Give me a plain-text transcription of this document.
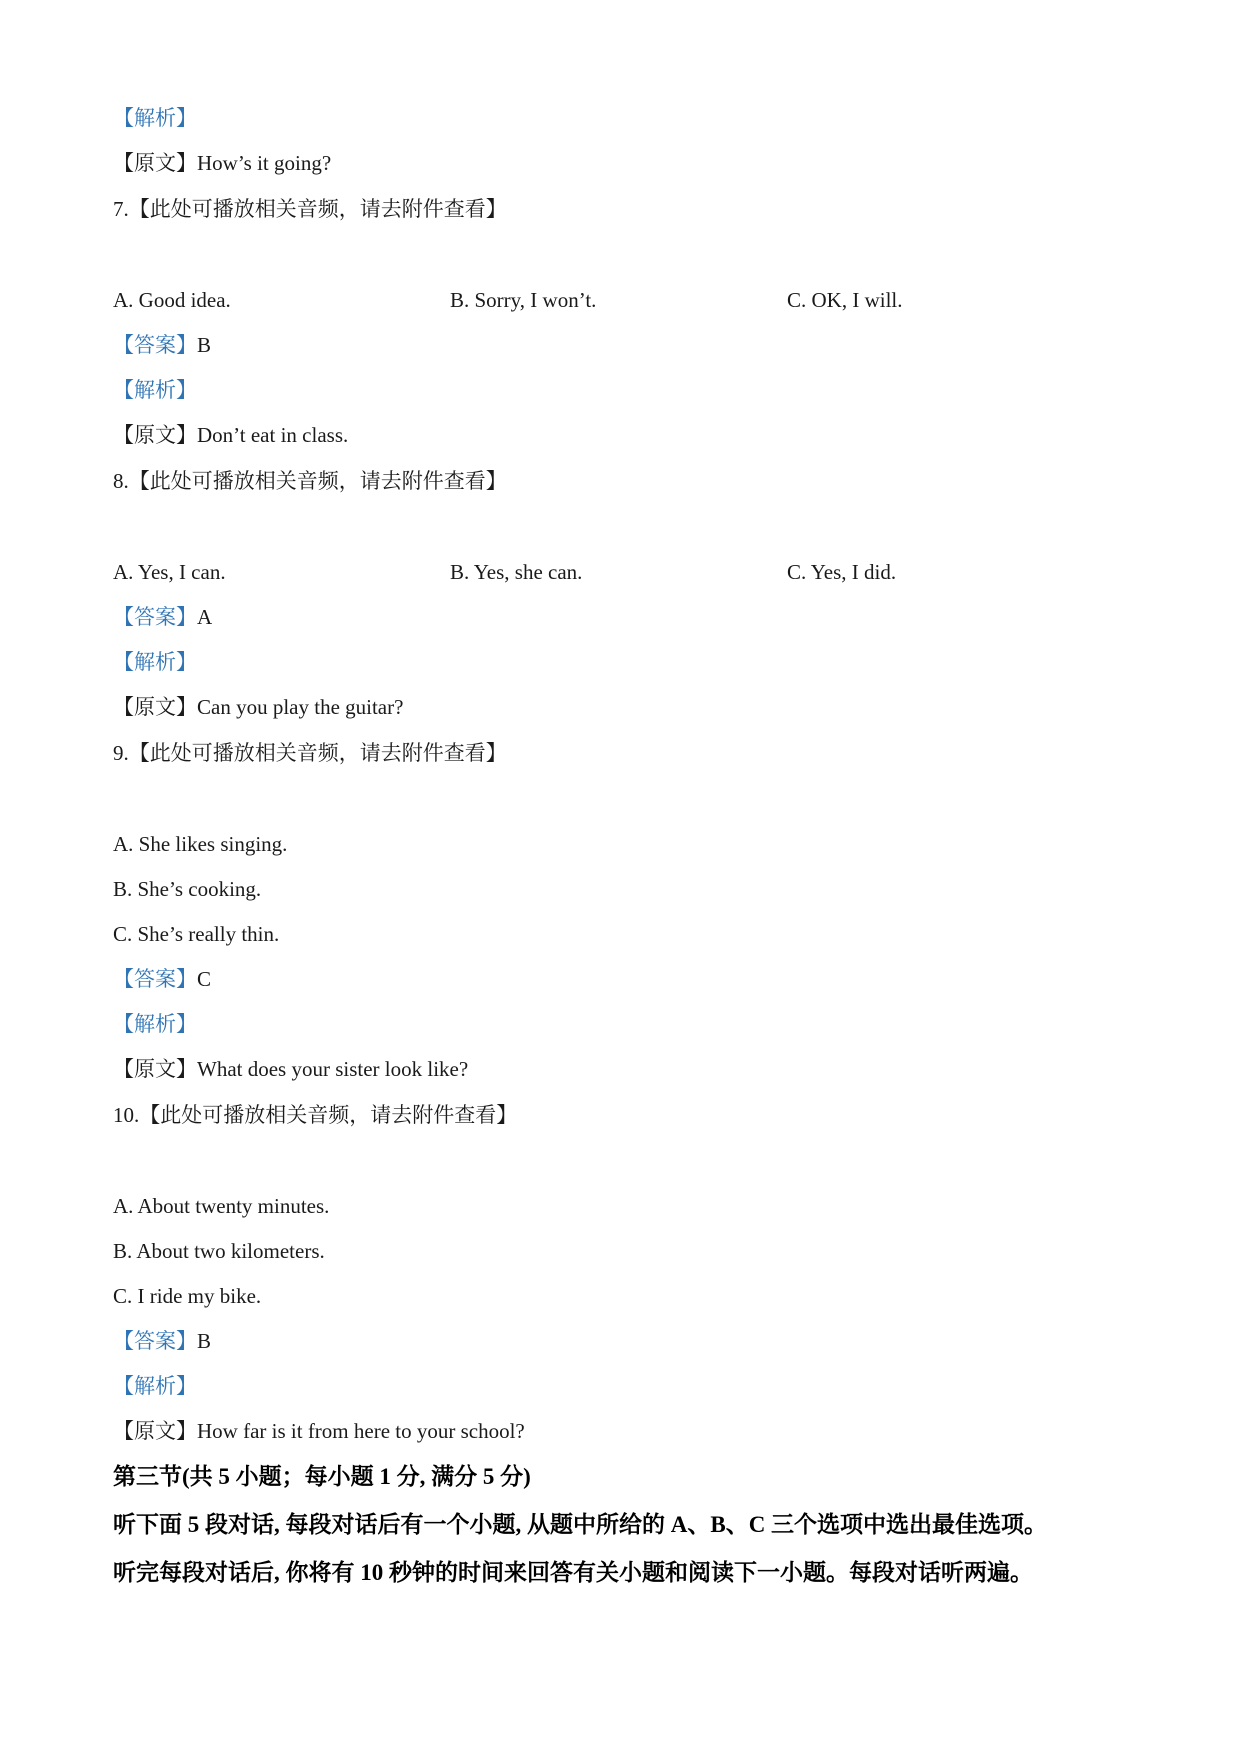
【解析】
【原文】How’s it going?
7.【此处可播放相关音频，请去附件查看】
A. Good idea.	B. Sorry, I won’t.	C. OK, I will.
【答案】B
【解析】
【原文】Don’t eat in class.
8.【此处可播放相关音频，请去附件查看】
A. Yes, I can.	B. Yes, she can.	C. Yes, I did.
【答案】A
【解析】
【原文】Can you play the guitar?
9.【此处可播放相关音频，请去附件查看】
A. She likes singing.
B. She’s cooking.
C. She’s really thin.
【答案】C
【解析】
【原文】What does your sister look like?
10.【此处可播放相关音频，请去附件查看】
A. About twenty minutes.
B. About two kilometers.
C. I ride my bike.
【答案】B
【解析】
【原文】How far is it from here to your school?
第三节(共 5 小题；每小题 1 分, 满分 5 分)
听下面 5 段对话, 每段对话后有一个小题, 从题中所给的 A、B、C 三个选项中选出最佳选项。
听完每段对话后, 你将有 10 秒钟的时间来回答有关小题和阅读下一小题。每段对话听两遍。
